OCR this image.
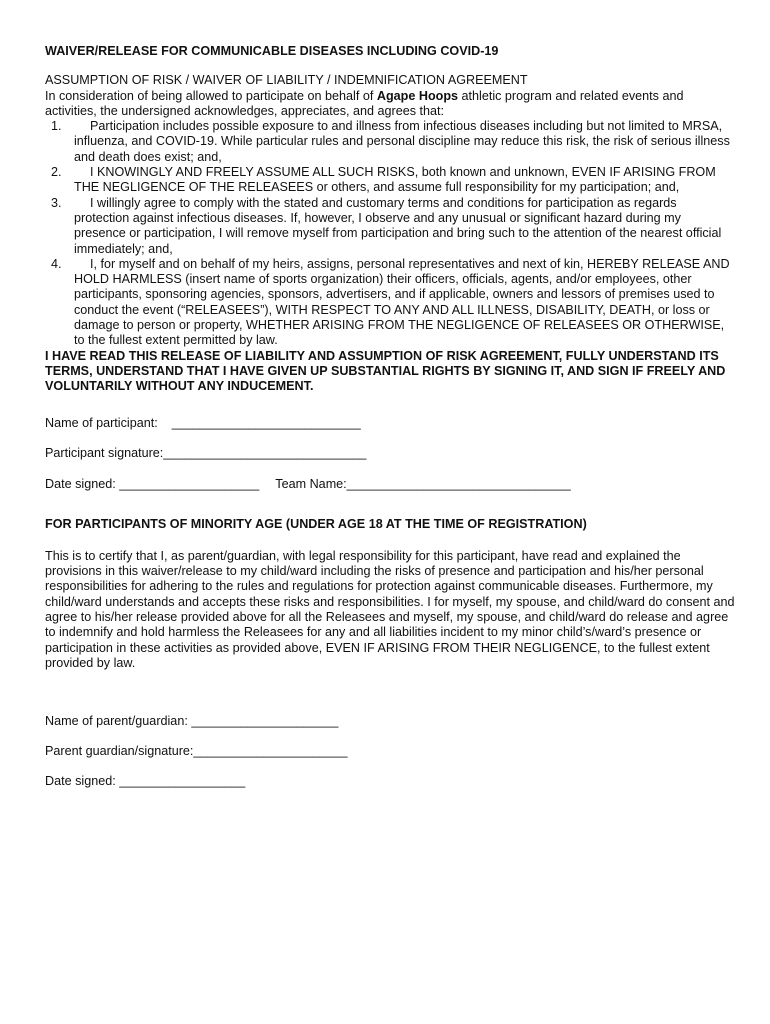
WAIVER/RELEASE FOR COMMUNICABLE DISEASES INCLUDING COVID-19

ASSUMPTION OF RISK / WAIVER OF LIABILITY / INDEMNIFICATION AGREEMENT

In consideration of being allowed to participate on behalf of Agape Hoops athletic program and related events and activities, the undersigned acknowledges, appreciates, and agrees that:

1. Participation includes possible exposure to and illness from infectious diseases including but not limited to MRSA, influenza, and COVID-19. While particular rules and personal discipline may reduce this risk, the risk of serious illness and death does exist; and,
2. I KNOWINGLY AND FREELY ASSUME ALL SUCH RISKS, both known and unknown, EVEN IF ARISING FROM THE NEGLIGENCE OF THE RELEASEES or others, and assume full responsibility for my participation; and,
3. I willingly agree to comply with the stated and customary terms and conditions for participation as regards protection against infectious diseases. If, however, I observe and any unusual or significant hazard during my presence or participation, I will remove myself from participation and bring such to the attention of the nearest official immediately; and,
4. I, for myself and on behalf of my heirs, assigns, personal representatives and next of kin, HEREBY RELEASE AND HOLD HARMLESS (insert name of sports organization) their officers, officials, agents, and/or employees, other participants, sponsoring agencies, sponsors, advertisers, and if applicable, owners and lessors of premises used to conduct the event (“RELEASEES”), WITH RESPECT TO ANY AND ALL ILLNESS, DISABILITY, DEATH, or loss or damage to person or property, WHETHER ARISING FROM THE NEGLIGENCE OF RELEASEES OR OTHERWISE, to the fullest extent permitted by law.

I HAVE READ THIS RELEASE OF LIABILITY AND ASSUMPTION OF RISK AGREEMENT, FULLY UNDERSTAND ITS TERMS, UNDERSTAND THAT I HAVE GIVEN UP SUBSTANTIAL RIGHTS BY SIGNING IT, AND SIGN IF FREELY AND VOLUNTARILY WITHOUT ANY INDUCEMENT.

Name of participant:    ___________________________

Participant signature:_____________________________

Date signed: ____________________ Team Name:________________________________

FOR PARTICIPANTS OF MINORITY AGE (UNDER AGE 18 AT THE TIME OF REGISTRATION)

This is to certify that I, as parent/guardian, with legal responsibility for this participant, have read and explained the provisions in this waiver/release to my child/ward including the risks of presence and participation and his/her personal responsibilities for adhering to the rules and regulations for protection against communicable diseases. Furthermore, my child/ward understands and accepts these risks and responsibilities. I for myself, my spouse, and child/ward do consent and agree to his/her release provided above for all the Releasees and myself, my spouse, and child/ward do release and agree to indemnify and hold harmless the Releasees for any and all liabilities incident to my minor child’s/ward’s presence or participation in these activities as provided above, EVEN IF ARISING FROM THEIR NEGLIGENCE, to the fullest extent provided by law.

Name of parent/guardian: _____________________

Parent guardian/signature:______________________

Date signed: __________________
